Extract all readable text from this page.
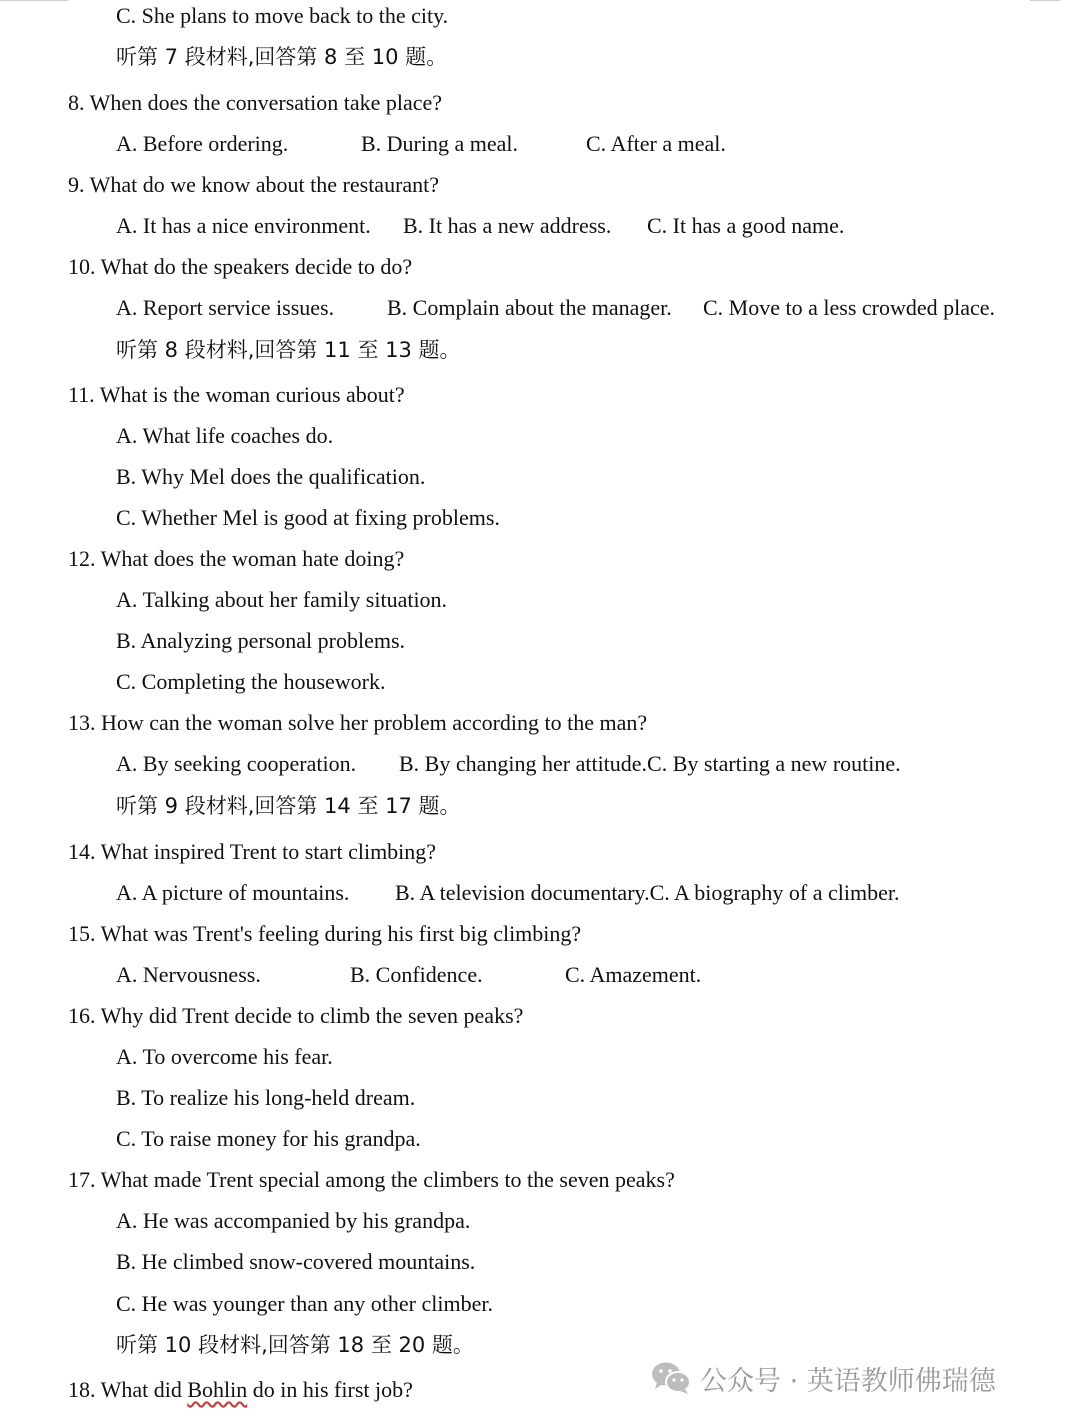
C. She plans to move back to the city.
听第 7 段材料,回答第 8 至 10 题。
8. When does the conversation take place?
A. Before ordering.	B. During a meal.	C. After a meal.
9. What do we know about the restaurant?
A. It has a nice environment. B. It has a new address. C. It has a good name.
10. What do the speakers decide to do?
A. Report service issues. B. Complain about the manager. C. Move to a less crowded place.
听第 8 段材料,回答第 11 至 13 题。
11. What is the woman curious about?
A. What life coaches do.
B. Why Mel does the qualification.
C. Whether Mel is good at fixing problems.
12. What does the woman hate doing?
A. Talking about her family situation.
B. Analyzing personal problems.
C. Completing the housework.
13. How can the woman solve her problem according to the man?
A. By seeking cooperation. B. By changing her attitude.C. By starting a new routine.
听第 9 段材料,回答第 14 至 17 题。
14. What inspired Trent to start climbing?
A. A picture of mountains. B. A television documentary.C. A biography of a climber.
15. What was Trent's feeling during his first big climbing?
A. Nervousness.	B. Confidence.	C. Amazement.
16. Why did Trent decide to climb the seven peaks?
A. To overcome his fear.
B. To realize his long-held dream.
C. To raise money for his grandpa.
17. What made Trent special among the climbers to the seven peaks?
A. He was accompanied by his grandpa.
B. He climbed snow-covered mountains.
C. He was younger than any other climber.
听第 10 段材料,回答第 18 至 20 题。
18. What did Bohlin do in his first job?	公众号 · 英语教师佛瑞德
